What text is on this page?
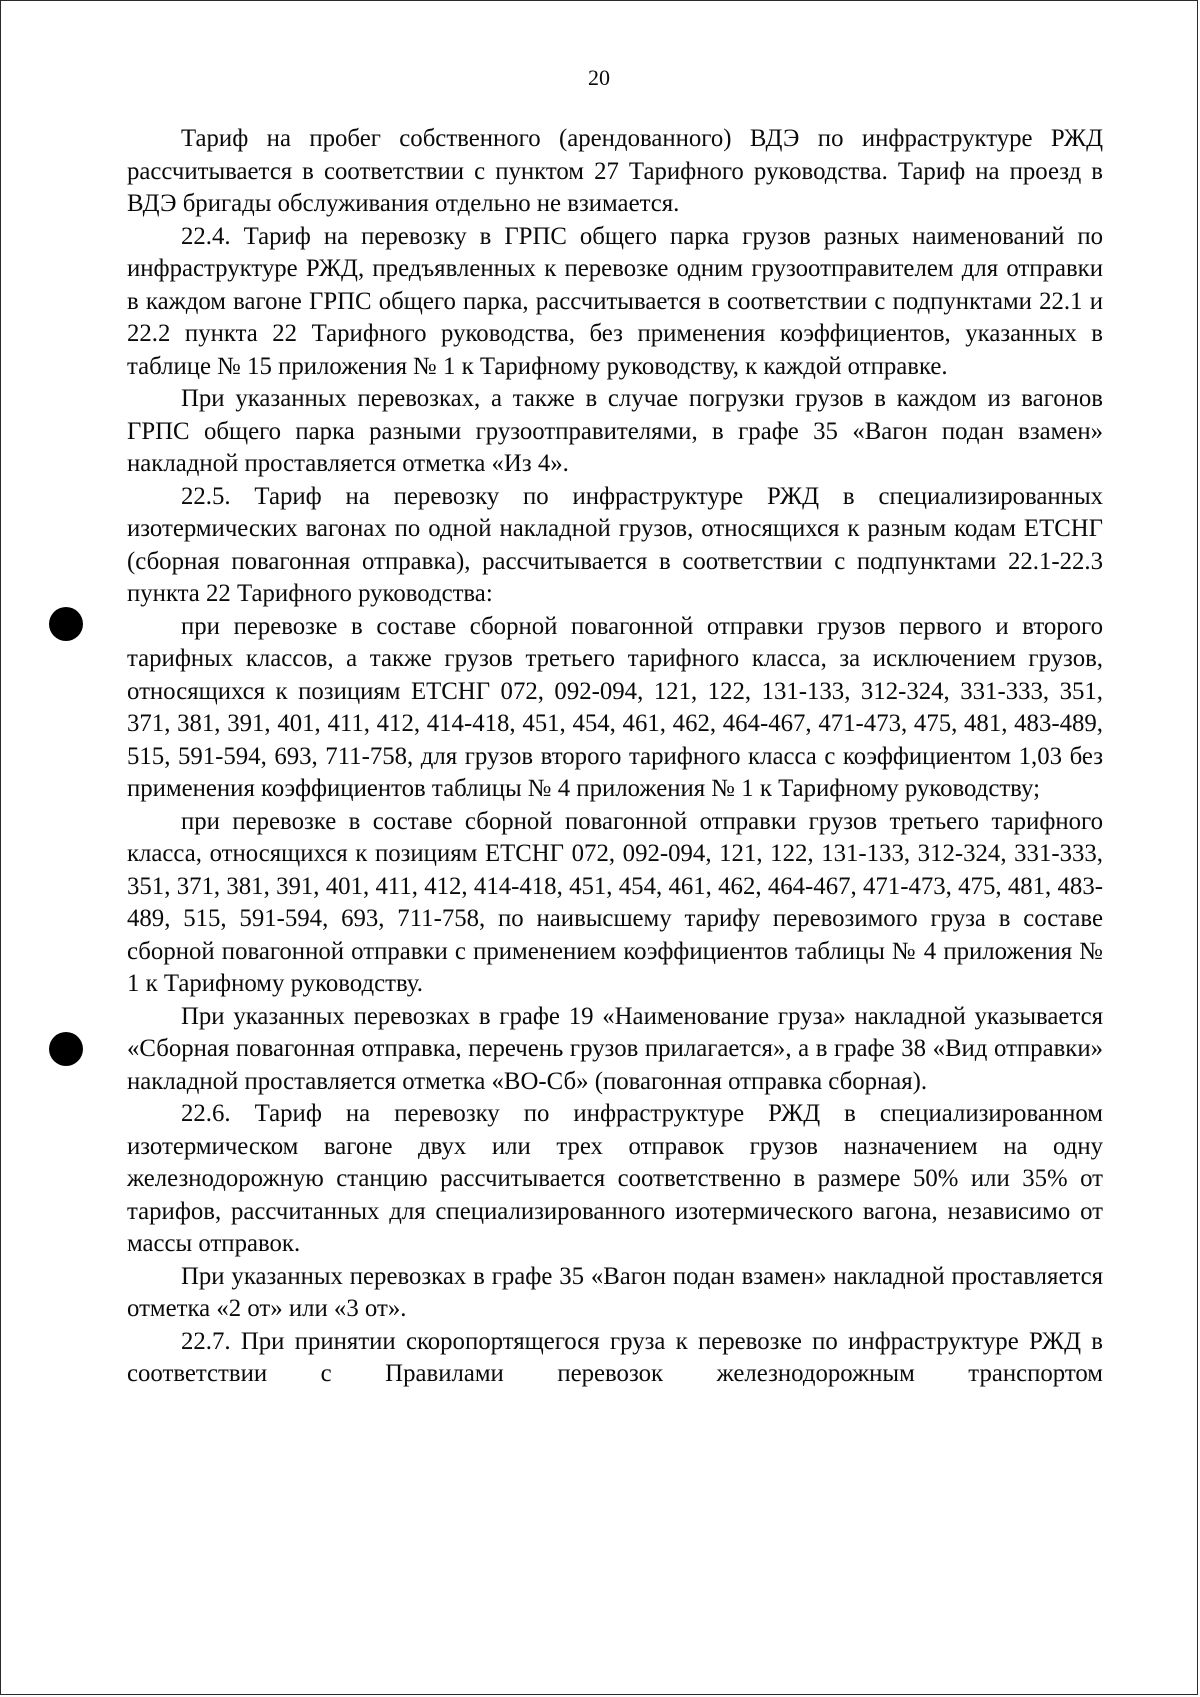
20

Тариф на пробег собственного (арендованного) ВДЭ по инфраструктуре РЖД рассчитывается в соответствии с пунктом 27 Тарифного руководства. Тариф на проезд в ВДЭ бригады обслуживания отдельно не взимается.

22.4. Тариф на перевозку в ГРПС общего парка грузов разных наименований по инфраструктуре РЖД, предъявленных к перевозке одним грузоотправителем для отправки в каждом вагоне ГРПС общего парка, рассчитывается в соответствии с подпунктами 22.1 и 22.2 пункта 22 Тарифного руководства, без применения коэффициентов, указанных в таблице № 15 приложения № 1 к Тарифному руководству, к каждой отправке.

При указанных перевозках, а также в случае погрузки грузов в каждом из вагонов ГРПС общего парка разными грузоотправителями, в графе 35 «Вагон подан взамен» накладной проставляется отметка «Из 4».

22.5. Тариф на перевозку по инфраструктуре РЖД в специализированных изотермических вагонах по одной накладной грузов, относящихся к разным кодам ЕТСНГ (сборная повагонная отправка), рассчитывается в соответствии с подпунктами 22.1-22.3 пункта 22 Тарифного руководства:

при перевозке в составе сборной повагонной отправки грузов первого и второго тарифных классов, а также грузов третьего тарифного класса, за исключением грузов, относящихся к позициям ЕТСНГ 072, 092-094, 121, 122, 131-133, 312-324, 331-333, 351, 371, 381, 391, 401, 411, 412, 414-418, 451, 454, 461, 462, 464-467, 471-473, 475, 481, 483-489, 515, 591-594, 693, 711-758, для грузов второго тарифного класса с коэффициентом 1,03 без применения коэффициентов таблицы № 4 приложения № 1 к Тарифному руководству;

при перевозке в составе сборной повагонной отправки грузов третьего тарифного класса, относящихся к позициям ЕТСНГ 072, 092-094, 121, 122, 131-133, 312-324, 331-333, 351, 371, 381, 391, 401, 411, 412, 414-418, 451, 454, 461, 462, 464-467, 471-473, 475, 481, 483-489, 515, 591-594, 693, 711-758, по наивысшему тарифу перевозимого груза в составе сборной повагонной отправки с применением коэффициентов таблицы № 4 приложения № 1 к Тарифному руководству.

При указанных перевозках в графе 19 «Наименование груза» накладной указывается «Сборная повагонная отправка, перечень грузов прилагается», а в графе 38 «Вид отправки» накладной проставляется отметка «ВО-Сб» (повагонная отправка сборная).

22.6. Тариф на перевозку по инфраструктуре РЖД в специализированном изотермическом вагоне двух или трех отправок грузов назначением на одну железнодорожную станцию рассчитывается соответственно в размере 50% или 35% от тарифов, рассчитанных для специализированного изотермического вагона, независимо от массы отправок.

При указанных перевозках в графе 35 «Вагон подан взамен» накладной проставляется отметка «2 от» или «3 от».

22.7. При принятии скоропортящегося груза к перевозке по инфраструктуре РЖД в соответствии с Правилами перевозок железнодорожным транспортом
